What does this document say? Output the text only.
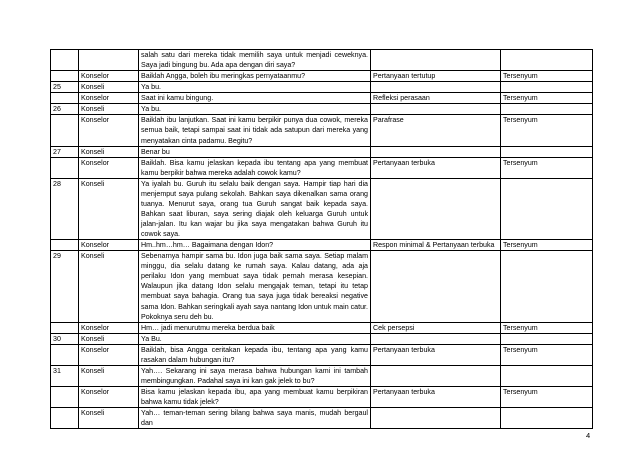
		salah satu dari mereka tidak memilih saya untuk menjadi ceweknya. Saya jadi bingung bu. Ada apa dengan diri saya?		
	Konselor	Baiklah Angga, boleh ibu meringkas pernyataanmu?	Pertanyaan tertutup	Tersenyum
25	Konseli	Ya bu.		
	Konselor	Saat ini kamu bingung.	Refleksi perasaan	Tersenyum
26	Konseli	Ya bu.		
	Konselor	Baiklah ibu lanjutkan. Saat ini kamu berpikir punya dua cowok, mereka semua baik, tetapi sampai saat ini tidak ada satupun dari mereka yang menyatakan cinta padamu. Begitu?	Parafrase	Tersenyum
27	Konseli	Benar bu		
	Konselor	Baiklah. Bisa kamu jelaskan kepada ibu tentang apa yang membuat kamu berpikir bahwa mereka adalah cowok kamu?	Pertanyaan terbuka	Tersenyum
28	Konseli	Ya iyalah bu. Guruh itu selalu baik dengan saya. Hampir tiap hari dia menjemput saya pulang sekolah. Bahkan saya dikenalkan sama orang tuanya. Menurut saya, orang tua Guruh sangat baik kepada saya. Bahkan saat liburan, saya sering diajak oleh keluarga Guruh untuk jalan-jalan. Itu kan wajar bu jika saya mengatakan bahwa Guruh itu cowok saya.		
	Konselor	Hm..hm…hm… Bagaimana dengan Idon?	Respon minimal & Pertanyaan terbuka	Tersenyum
29	Konseli	Sebenarnya hampir sama bu. Idon juga baik sama saya. Setiap malam minggu, dia selalu datang ke rumah saya. Kalau datang, ada aja perilaku Idon yang membuat saya tidak pernah merasa kesepian. Walaupun jika datang Idon selalu mengajak teman, tetapi itu tetap membuat saya bahagia. Orang tua saya juga tidak bereaksi negative sama Idon. Bahkan seringkali ayah saya nantang Idon untuk main catur. Pokoknya seru deh bu.		
	Konselor	Hm… jadi menurutmu mereka berdua baik	Cek persepsi	Tersenyum
30	Konseli	Ya Bu.		
	Konselor	Baiklah, bisa Angga ceritakan kepada ibu, tentang apa yang kamu rasakan dalam hubungan itu?	Pertanyaan terbuka	Tersenyum
31	Konseli	Yah…. Sekarang ini saya merasa bahwa hubungan kami ini tambah membingungkan. Padahal saya ini kan gak jelek to bu?		
	Konselor	Bisa kamu jelaskan kepada ibu, apa yang membuat kamu berpikiran bahwa kamu tidak jelek?	Pertanyaan terbuka	Tersenyum
	Konseli	Yah… teman-teman sering bilang bahwa saya manis, mudah bergaul dan		
4
